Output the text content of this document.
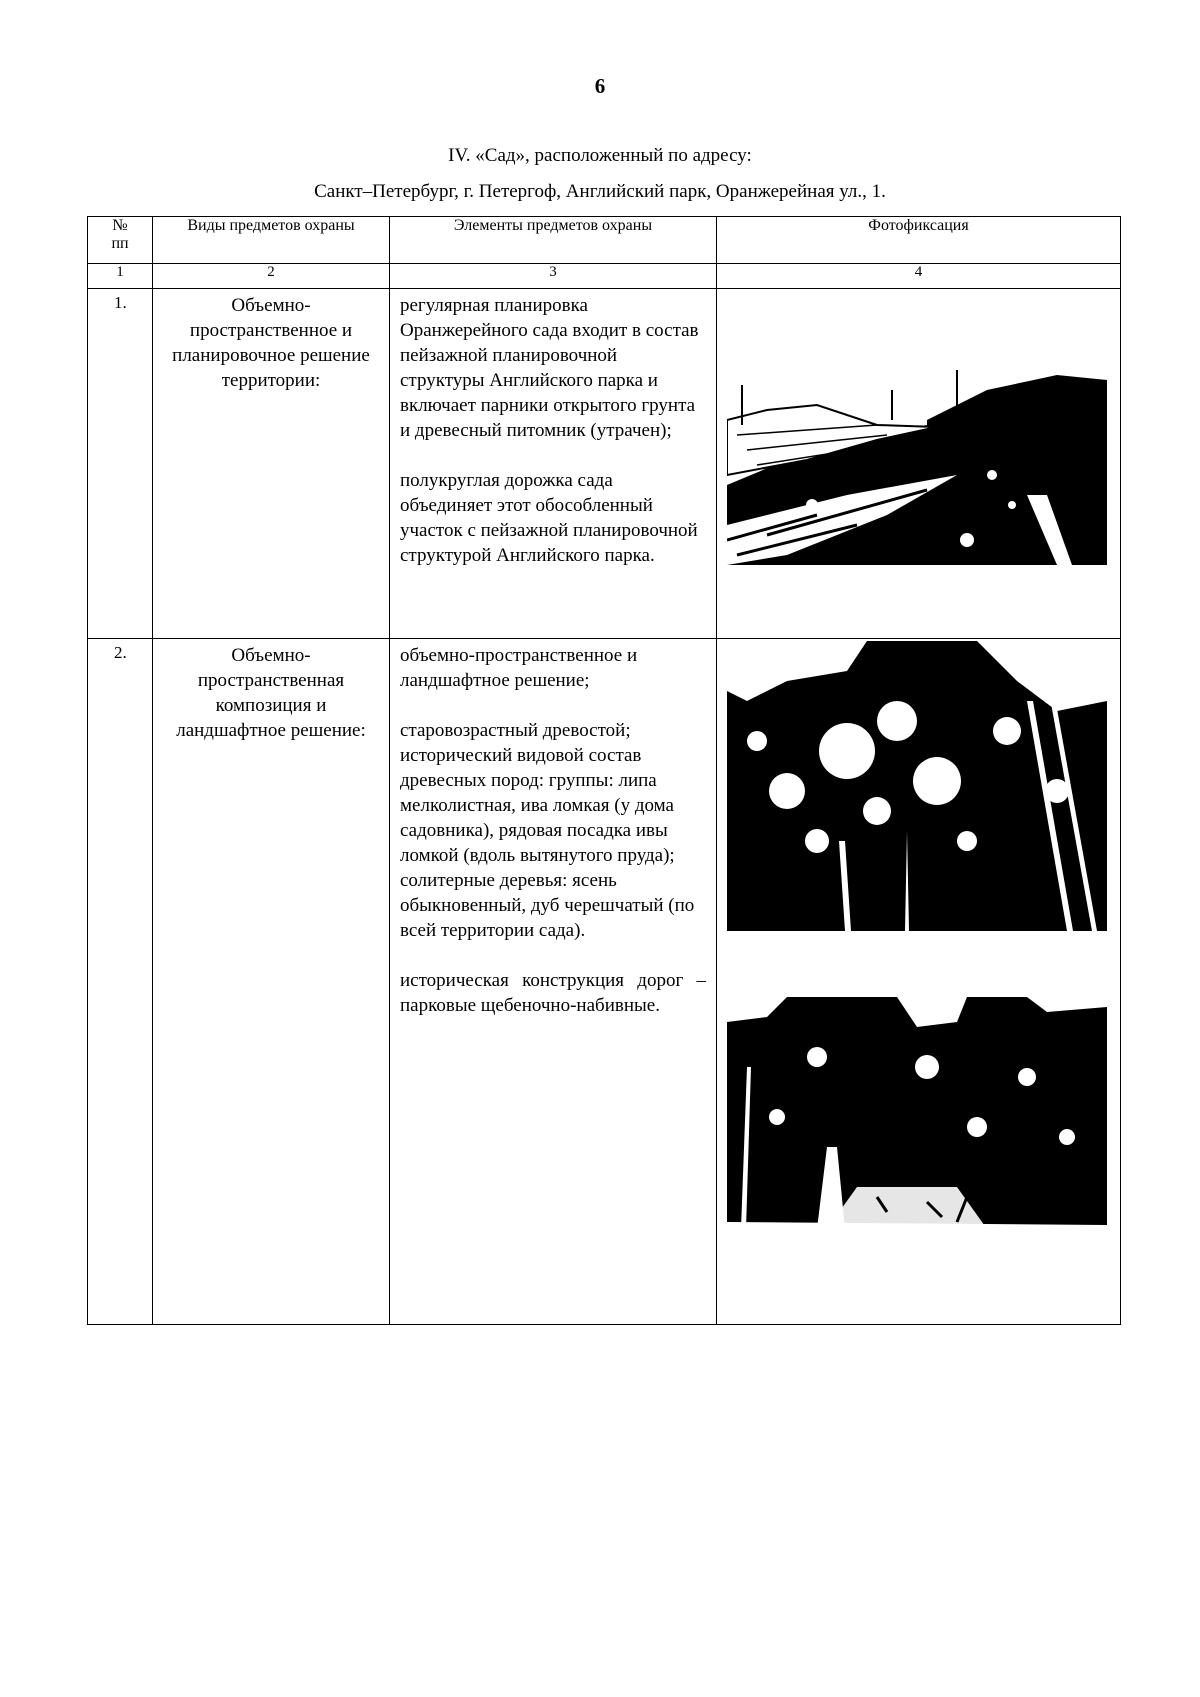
6
IV. «Сад», расположенный по адресу:
Санкт–Петербург, г. Петергоф, Английский парк, Оранжерейная ул., 1.
№
пп	Виды предметов охраны	Элементы предметов охраны	Фотофиксация
1	2	3	4
1.	Объемно-пространственное и планировочное решение территории:	регулярная планировка Оранжерейного сада входит в состав пейзажной планировочной структуры Английского парка и включает парники открытого грунта и древесный питомник (утрачен);

полукруглая дорожка сада объединяет этот обособленный участок с пейзажной планировочной структурой Английского парка.

2.	Объемно-пространственная композиция и ландшафтное решение:	объемно-пространственное и ландшафтное решение;

старовозрастный древостой; исторический видовой состав древесных пород: группы: липа мелколистная, ива ломкая (у дома садовника), рядовая посадка ивы ломкой (вдоль вытянутого пруда); солитерные деревья: ясень обыкновенный, дуб черешчатый (по всей территории сада).

историческая конструкция дорог – парковые щебеночно-набивные.
